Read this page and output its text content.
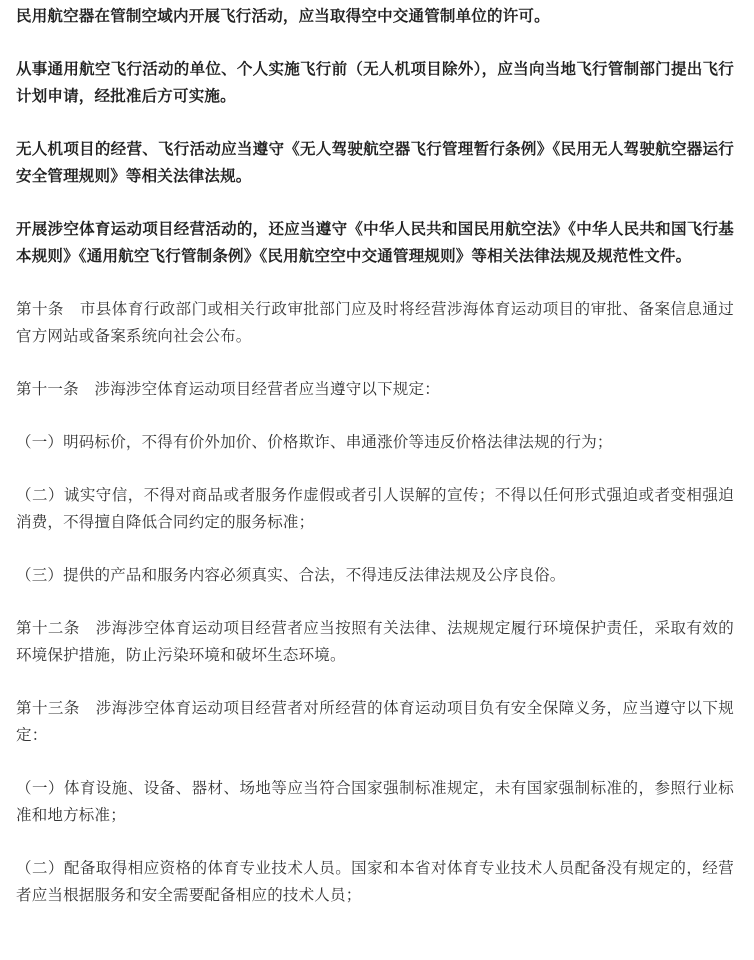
民用航空器在管制空域内开展飞行活动，应当取得空中交通管制单位的许可。

从事通用航空飞行活动的单位、个人实施飞行前（无人机项目除外），应当向当地飞行管制部门提出飞行计划申请，经批准后方可实施。

无人机项目的经营、飞行活动应当遵守《无人驾驶航空器飞行管理暂行条例》《民用无人驾驶航空器运行安全管理规则》等相关法律法规。

开展涉空体育运动项目经营活动的，还应当遵守《中华人民共和国民用航空法》《中华人民共和国飞行基本规则》《通用航空飞行管制条例》《民用航空空中交通管理规则》等相关法律法规及规范性文件。

第十条　市县体育行政部门或相关行政审批部门应及时将经营涉海体育运动项目的审批、备案信息通过官方网站或备案系统向社会公布。

第十一条　涉海涉空体育运动项目经营者应当遵守以下规定：

（一）明码标价，不得有价外加价、价格欺诈、串通涨价等违反价格法律法规的行为；

（二）诚实守信，不得对商品或者服务作虚假或者引人误解的宣传；不得以任何形式强迫或者变相强迫消费，不得擅自降低合同约定的服务标准；

（三）提供的产品和服务内容必须真实、合法，不得违反法律法规及公序良俗。

第十二条　涉海涉空体育运动项目经营者应当按照有关法律、法规规定履行环境保护责任，采取有效的环境保护措施，防止污染环境和破坏生态环境。

第十三条　涉海涉空体育运动项目经营者对所经营的体育运动项目负有安全保障义务，应当遵守以下规定：

（一）体育设施、设备、器材、场地等应当符合国家强制标准规定，未有国家强制标准的，参照行业标准和地方标准；

（二）配备取得相应资格的体育专业技术人员。国家和本省对体育专业技术人员配备没有规定的，经营者应当根据服务和安全需要配备相应的技术人员；
